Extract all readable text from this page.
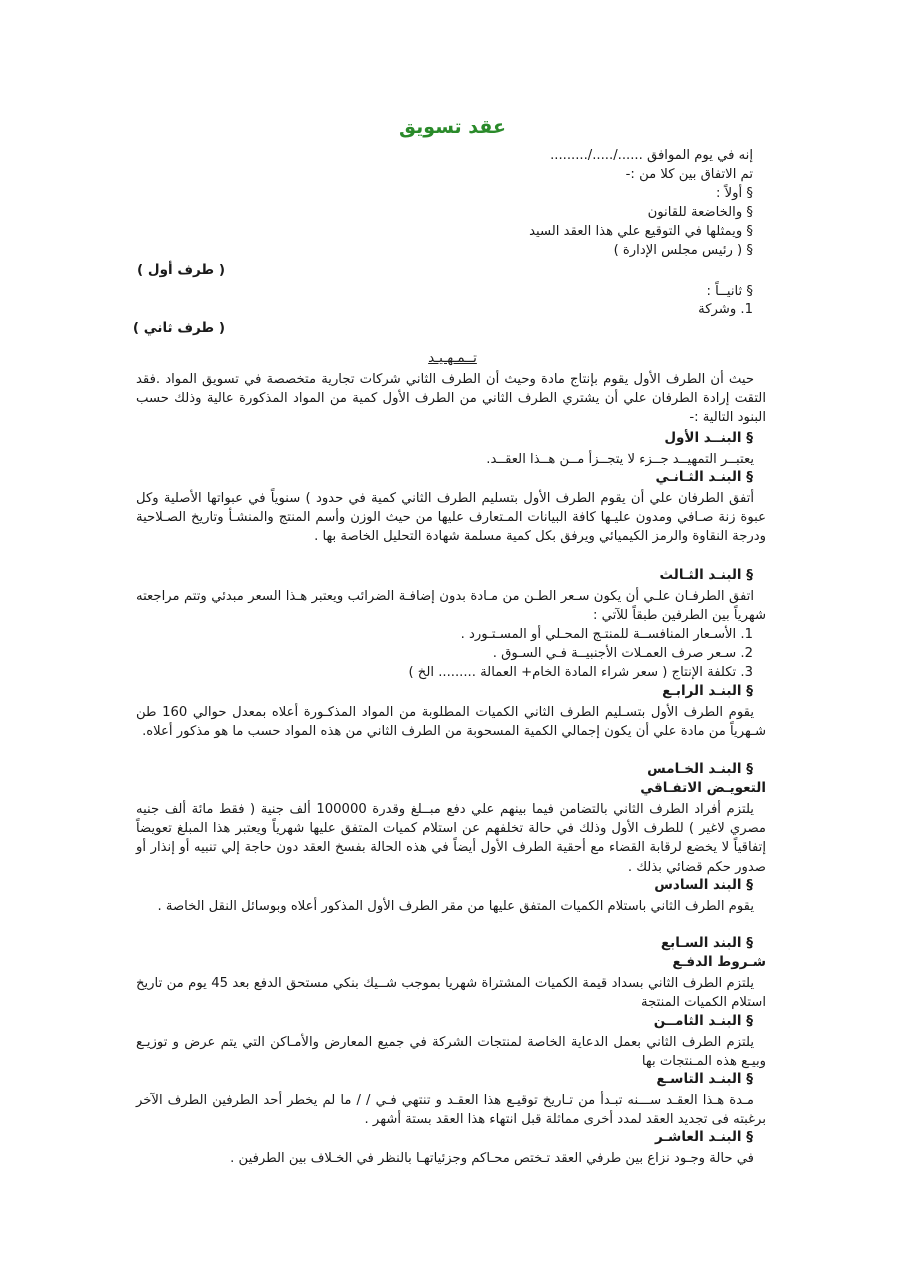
عقد تسويق
إنه في يوم الموافق ....../...../.........
تم الاتفاق بين كلا من :-
§ أولاً :
§ والخاضعة للقانون
§ ويمثلها في التوقيع علي هذا العقد السيد
§ ( رئيس مجلس الإدارة )
( طرف أول )
§ ثانيــاً :
1. وشركة
( طرف ثاني )
تــمـهـيـد
حيث أن الطرف الأول يقوم بإنتاج مادة وحيث أن الطرف الثاني شركات تجارية متخصصة في تسويق المواد .فقد التقت إرادة الطرفان علي أن يشتري الطرف الثاني من الطرف الأول كمية من المواد المذكورة عالية وذلك حسب البنود التالية :-
§ البنــد الأول
يعتبــر التمهيــد جــزء لا يتجــزأ مــن هــذا العقــد.
§ البنـد الثـانـي
أتفق الطرفان علي أن يقوم الطرف الأول بتسليم الطرف الثاني كمية في حدود ) سنوياً في عبواتها الأصلية وكل عبوة زنة صـافي ومدون عليـها كافة البيانات المـتعارف عليها من حيث الوزن وأسم المنتج والمنشـأ وتاريخ الصـلاحية ودرجة النقاوة والرمز الكيميائي ويرفق بكل كمية مسلمة شهادة التحليل الخاصة بها .
§ البنـد الثـالث
اتفق الطرفـان علـي أن يكون سـعر الطـن من مـادة بدون إضافـة الضرائب ويعتبر هـذا السعر مبدئي وتتم مراجعته شهرياً بين الطرفين طبقاً للآتي :
1. الأسـعار المنافســة للمنتـج المحـلي أو المسـتـورد .
2. سـعر صرف العمـلات الأجنبيــة فـي السـوق .
3. تكلفة الإنتاج ( سعر شراء المادة الخام+ العمالة ......... الخ )
§ البنـد الرابـع
يقوم الطرف الأول بتسـليم الطرف الثاني الكميات المطلوبة من المواد المذكـورة أعلاه بمعدل حوالي 160 طن شـهرياً من مادة علي أن يكون إجمالي الكمية المسحوبة من الطرف الثاني من هذه المواد حسب ما هو مذكور أعلاه.
§ البنـد الخـامس
التعويـض الاتفـاقي
يلتزم أفراد الطرف الثاني بالتضامن فيما بينهم علي دفع مبــلغ وقدرة 100000 ألف جنية ( فقط مائة ألف جنيه مصري لاغير ) للطرف الأول وذلك في حالة تخلفهم عن استلام كميات المتفق عليها شهرياً ويعتبر هذا المبلغ تعويضاً إتفاقياً لا يخضع لرقابة القضاء مع أحقية الطرف الأول أيضاً في هذه الحالة بفسخ العقد دون حاجة إلي تنبيه أو إنذار أو صدور حكم قضائي بذلك .
§ البند السادس
يقوم الطرف الثاني باستلام الكميات المتفق عليها من مقر الطرف الأول المذكور أعلاه وبوسائل النقل الخاصة .
§ البند السـابع
شـروط الدفـع
يلتزم الطرف الثاني بسداد قيمة الكميات المشتراة شهريا بموجب شــيك بنكي مستحق الدفع بعد 45 يوم من تاريخ استلام الكميات المنتجة
§ البنـد الثامــن
يلتزم الطرف الثاني بعمل الدعاية الخاصة لمنتجات الشركة في جميع المعارض والأمـاكن التي يتم عرض و توزيـع وبيـع هذه المـنتجات بها
§ البنـد التاسـع
مـدة هـذا العقـد ســـنه تبـدأ من تـاريخ توقيـع هذا العقـد و تنتهي فـي / / ما لم يخطر أحد الطرفين الطرف الآخر برغبته فى تجديد العقد لمدد أخرى مماثلة قبل انتهاء هذا العقد بستة أشهر .
§ البنـد العاشـر
في حالة وجـود نزاع بين طرفي العقد تـختص محـاكم وجزئياتهـا بالنظر في الخـلاف بين الطرفين .
